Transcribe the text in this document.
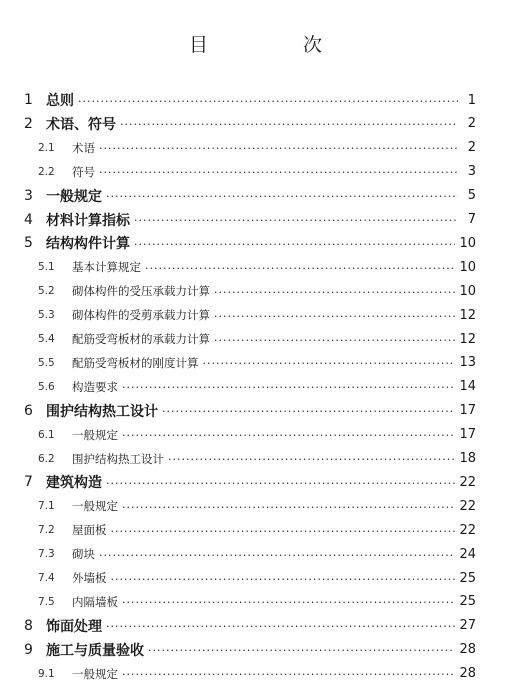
目　次
1 总则 ·····	1
2 术语、符号 ·····	2
2.1	术语 ·····	2
2.2	符号 ·····	3
3 一般规定 ·····	5
4 材料计算指标 ·····	7
5 结构构件计算 ·····	10
5.1	基本计算规定 ·····	10
5.2	砌体构件的受压承载力计算 ·····	10
5.3	砌体构件的受剪承载力计算 ·····	12
5.4	配筋受弯板材的承载力计算 ·····	12
5.5	配筋受弯板材的刚度计算 ·····	13
5.6	构造要求 ·····	14
6 围护结构热工设计 ·····	17
6.1	一般规定 ·····	17
6.2	围护结构热工设计 ·····	18
7 建筑构造 ·····	22
7.1	一般规定 ·····	22
7.2	屋面板 ·····	22
7.3	砌块 ·····	24
7.4	外墙板 ·····	25
7.5	内隔墙板 ·····	25
8 饰面处理 ·····	27
9 施工与质量验收 ·····	28
9.1	一般规定 ·····	28
